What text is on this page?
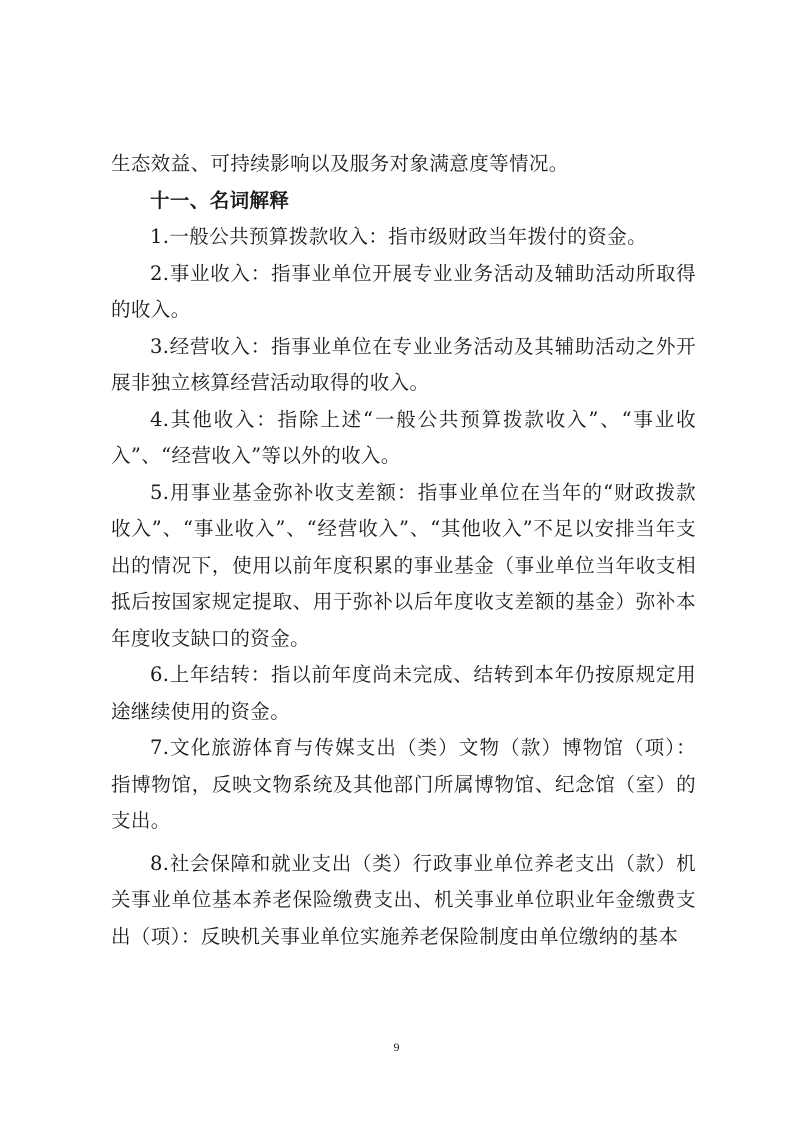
生态效益、可持续影响以及服务对象满意度等情况。

十一、名词解释

1.一般公共预算拨款收入：指市级财政当年拨付的资金。

2.事业收入：指事业单位开展专业业务活动及辅助活动所取得的收入。

3.经营收入：指事业单位在专业业务活动及其辅助活动之外开展非独立核算经营活动取得的收入。

4.其他收入：指除上述“一般公共预算拨款收入”、“事业收入”、“经营收入”等以外的收入。

5.用事业基金弥补收支差额：指事业单位在当年的“财政拨款收入”、“事业收入”、“经营收入”、“其他收入”不足以安排当年支出的情况下，使用以前年度积累的事业基金（事业单位当年收支相抵后按国家规定提取、用于弥补以后年度收支差额的基金）弥补本年度收支缺口的资金。

6.上年结转：指以前年度尚未完成、结转到本年仍按原规定用途继续使用的资金。

7.文化旅游体育与传媒支出（类）文物（款）博物馆（项）：指博物馆，反映文物系统及其他部门所属博物馆、纪念馆（室）的支出。

8.社会保障和就业支出（类）行政事业单位养老支出（款）机关事业单位基本养老保险缴费支出、机关事业单位职业年金缴费支出（项）：反映机关事业单位实施养老保险制度由单位缴纳的基本

9
